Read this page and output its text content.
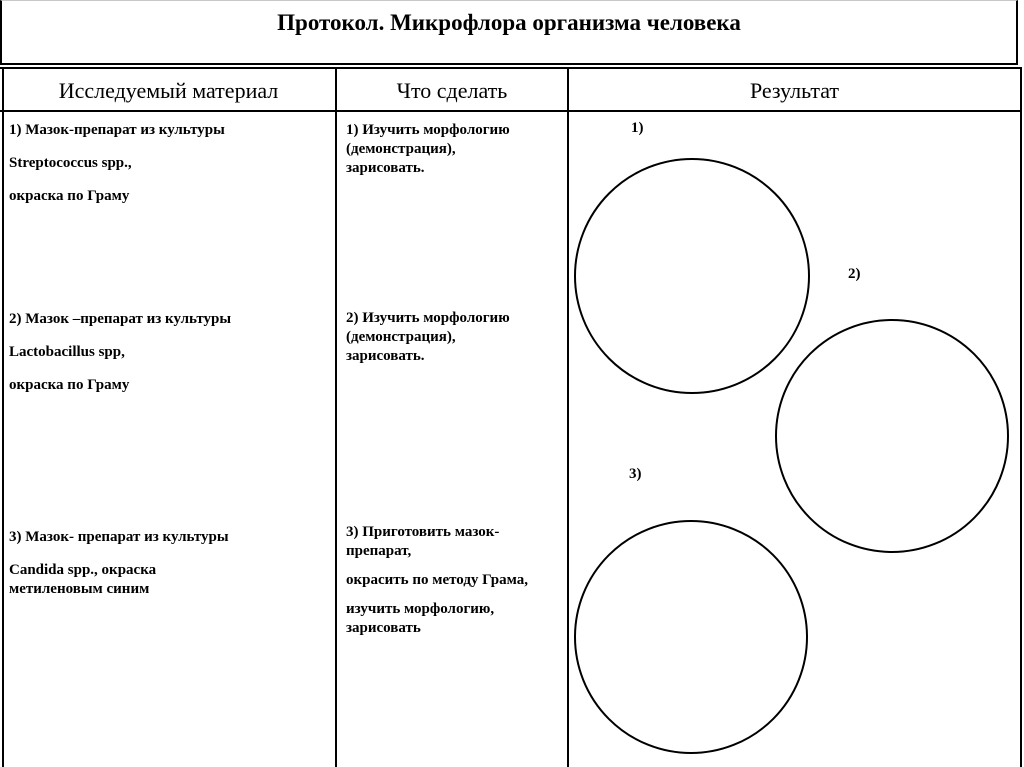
Протокол. Микрофлора организма человека
Исследуемый материал	Что сделать	Результат

1) Мазок-препарат из культуры

Streptococcus spp.,

окраска по Граму

2) Мазок –препарат из культуры

Lactobacillus spp,

окраска по Граму

3) Мазок- препарат из культуры

Candida spp., окраска метиленовым синим

1) Изучить морфологию (демонстрация), зарисовать.

2) Изучить морфологию (демонстрация), зарисовать.

3) Приготовить мазок-препарат,

окрасить по методу Грама,

изучить морфологию, зарисовать

1)
2)
3)
